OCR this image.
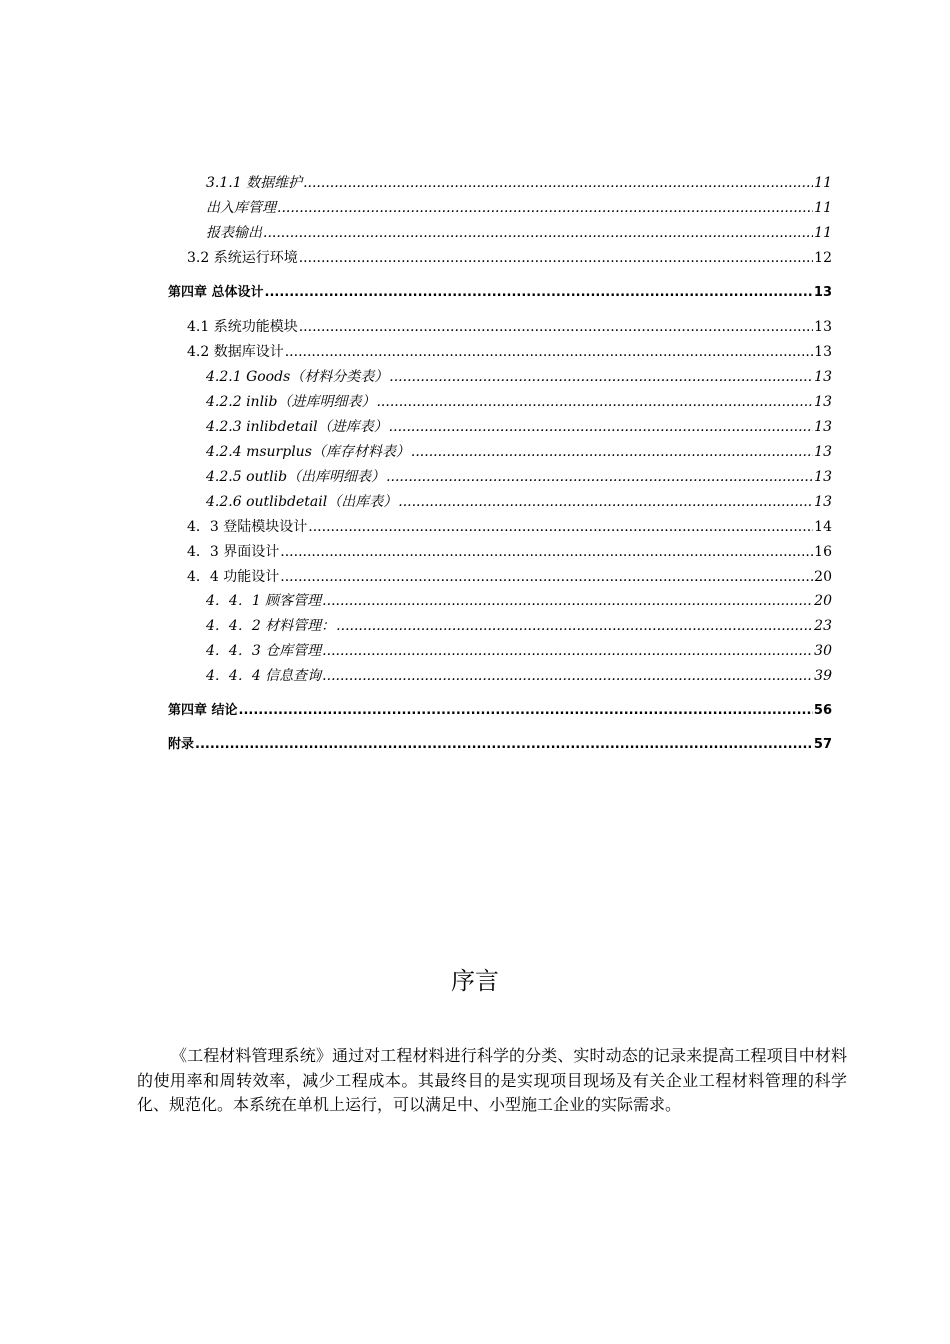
3.1.1 数据维护 .....	11
出入库管理 .....	11
报表输出 .....	11
3.2 系统运行环境 .....	12
第四章 总体设计 .....	13
4.1 系统功能模块 .....	13
4.2 数据库设计 .....	13
4.2.1 Goods（材料分类表） .....	13
4.2.2 inlib（进库明细表） .....	13
4.2.3 inlibdetail（进库表） .....	13
4.2.4 msurplus（库存材料表） .....	13
4.2.5 outlib（出库明细表） .....	13
4.2.6 outlibdetail（出库表） .....	13
4．3 登陆模块设计 .....	14
4．3 界面设计 .....	16
4．4 功能设计 .....	20
4．4．1 顾客管理 .....	20
4．4．2 材料管理： .....	23
4．4．3 仓库管理 .....	30
4．4．4 信息查询 .....	39
第四章 结论 .....	56
附录 .....	57
序言

《工程材料管理系统》通过对工程材料进行科学的分类、实时动态的记录来提高工程项目中材料的使用率和周转效率，减少工程成本。其最终目的是实现项目现场及有关企业工程材料管理的科学化、规范化。本系统在单机上运行，可以满足中、小型施工企业的实际需求。
